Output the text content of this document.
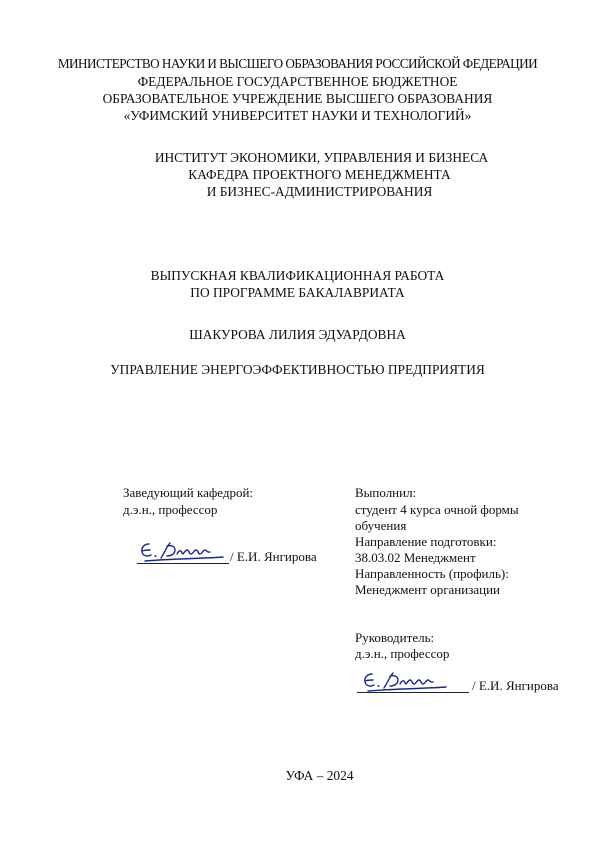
МИНИСТЕРСТВО НАУКИ И ВЫСШЕГО ОБРАЗОВАНИЯ РОССИЙСКОЙ ФЕДЕРАЦИИ
ФЕДЕРАЛЬНОЕ ГОСУДАРСТВЕННОЕ БЮДЖЕТНОЕ
ОБРАЗОВАТЕЛЬНОЕ УЧРЕЖДЕНИЕ ВЫСШЕГО ОБРАЗОВАНИЯ
«УФИМСКИЙ УНИВЕРСИТЕТ НАУКИ И ТЕХНОЛОГИЙ»
ИНСТИТУТ ЭКОНОМИКИ, УПРАВЛЕНИЯ И БИЗНЕСА
КАФЕДРА ПРОЕКТНОГО МЕНЕДЖМЕНТА
И БИЗНЕС-АДМИНИСТРИРОВАНИЯ
ВЫПУСКНАЯ КВАЛИФИКАЦИОННАЯ РАБОТА
ПО ПРОГРАММЕ БАКАЛАВРИАТА
ШАКУРОВА ЛИЛИЯ ЭДУАРДОВНА
УПРАВЛЕНИЕ ЭНЕРГОЭФФЕКТИВНОСТЬЮ ПРЕДПРИЯТИЯ
Заведующий кафедрой:
д.э.н., профессор
/ Е.И. Янгирова
Выполнил:
студент 4 курса очной формы
обучения
Направление подготовки:
38.03.02 Менеджмент
Направленность (профиль):
Менеджмент организации
Руководитель:
д.э.н., профессор
/ Е.И. Янгирова
УФА – 2024
